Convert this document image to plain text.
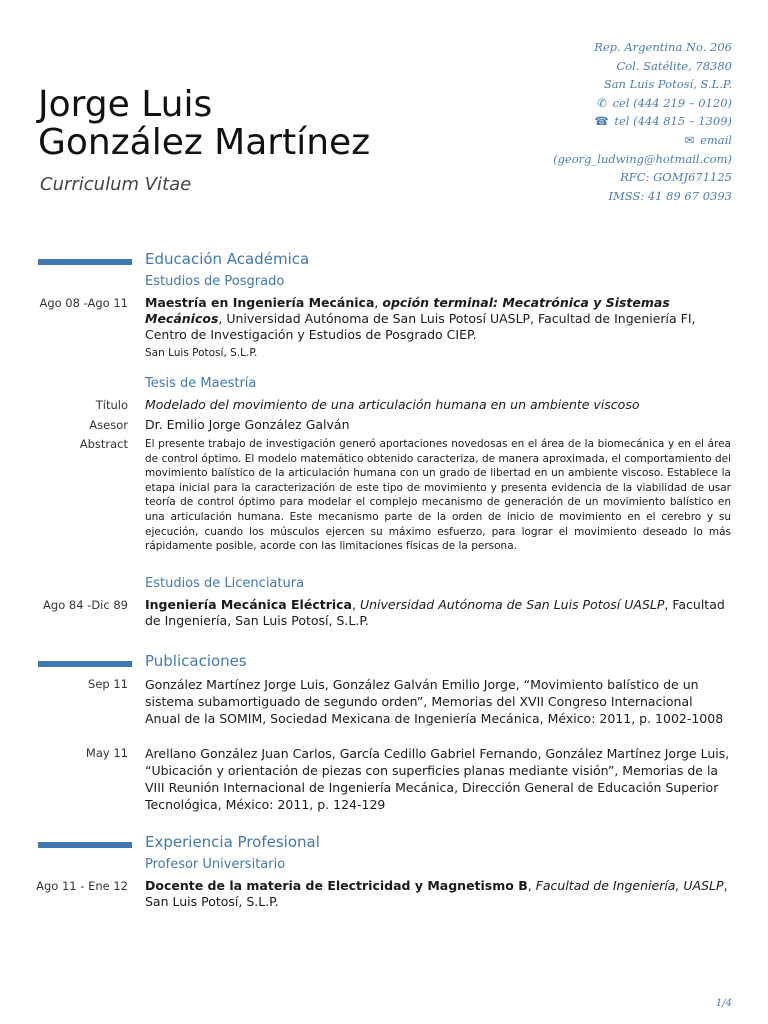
Jorge Luis
González Martínez
Curriculum Vitae
Rep. Argentina No. 206
Col. Satélite, 78380
San Luis Potosí, S.L.P.
✆ cel (444 219 – 0120)
☎ tel (444 815 – 1309)
✉ email
(georg_ludwing@hotmail.com)
RFC: GOMJ671125
IMSS: 41 89 67 0393
Educación Académica
Estudios de Posgrado
Ago 08 -Ago 11 Maestría en Ingeniería Mecánica, opción terminal: Mecatrónica y Sistemas Mecánicos, Universidad Autónoma de San Luis Potosí UASLP, Facultad de Ingeniería FI, Centro de Investigación y Estudios de Posgrado CIEP.
San Luis Potosí, S.L.P.
Tesis de Maestría
Título Modelado del movimiento de una articulación humana en un ambiente viscoso
Asesor Dr. Emilio Jorge González Galván
Abstract El presente trabajo de investigación generó aportaciones novedosas en el área de la biomecánica y en el área de control óptimo. El modelo matemático obtenido caracteriza, de manera aproximada, el comportamiento del movimiento balístico de la articulación humana con un grado de libertad en un ambiente viscoso. Establece la etapa inicial para la caracterización de este tipo de movimiento y presenta evidencia de la viabilidad de usar teoría de control óptimo para modelar el complejo mecanismo de generación de un movimiento balístico en una articulación humana. Este mecanismo parte de la orden de inicio de movimiento en el cerebro y su ejecución, cuando los músculos ejercen su máximo esfuerzo, para lograr el movimiento deseado lo más rápidamente posible, acorde con las limitaciones físicas de la persona.
Estudios de Licenciatura
Ago 84 -Dic 89 Ingeniería Mecánica Eléctrica, Universidad Autónoma de San Luis Potosí UASLP, Facultad de Ingeniería, San Luis Potosí, S.L.P.
Publicaciones
Sep 11 González Martínez Jorge Luis, González Galván Emilio Jorge, “Movimiento balístico de un sistema subamortiguado de segundo orden”, Memorias del XVII Congreso Internacional Anual de la SOMIM, Sociedad Mexicana de Ingeniería Mecánica, México: 2011, p. 1002-1008
May 11 Arellano González Juan Carlos, García Cedillo Gabriel Fernando, González Martínez Jorge Luis, “Ubicación y orientación de piezas con superficies planas mediante visión”, Memorias de la VIII Reunión Internacional de Ingeniería Mecánica, Dirección General de Educación Superior Tecnológica, México: 2011, p. 124-129
Experiencia Profesional
Profesor Universitario
Ago 11 - Ene 12 Docente de la materia de Electricidad y Magnetismo B, Facultad de Ingeniería, UASLP, San Luis Potosí, S.L.P.
1/4
